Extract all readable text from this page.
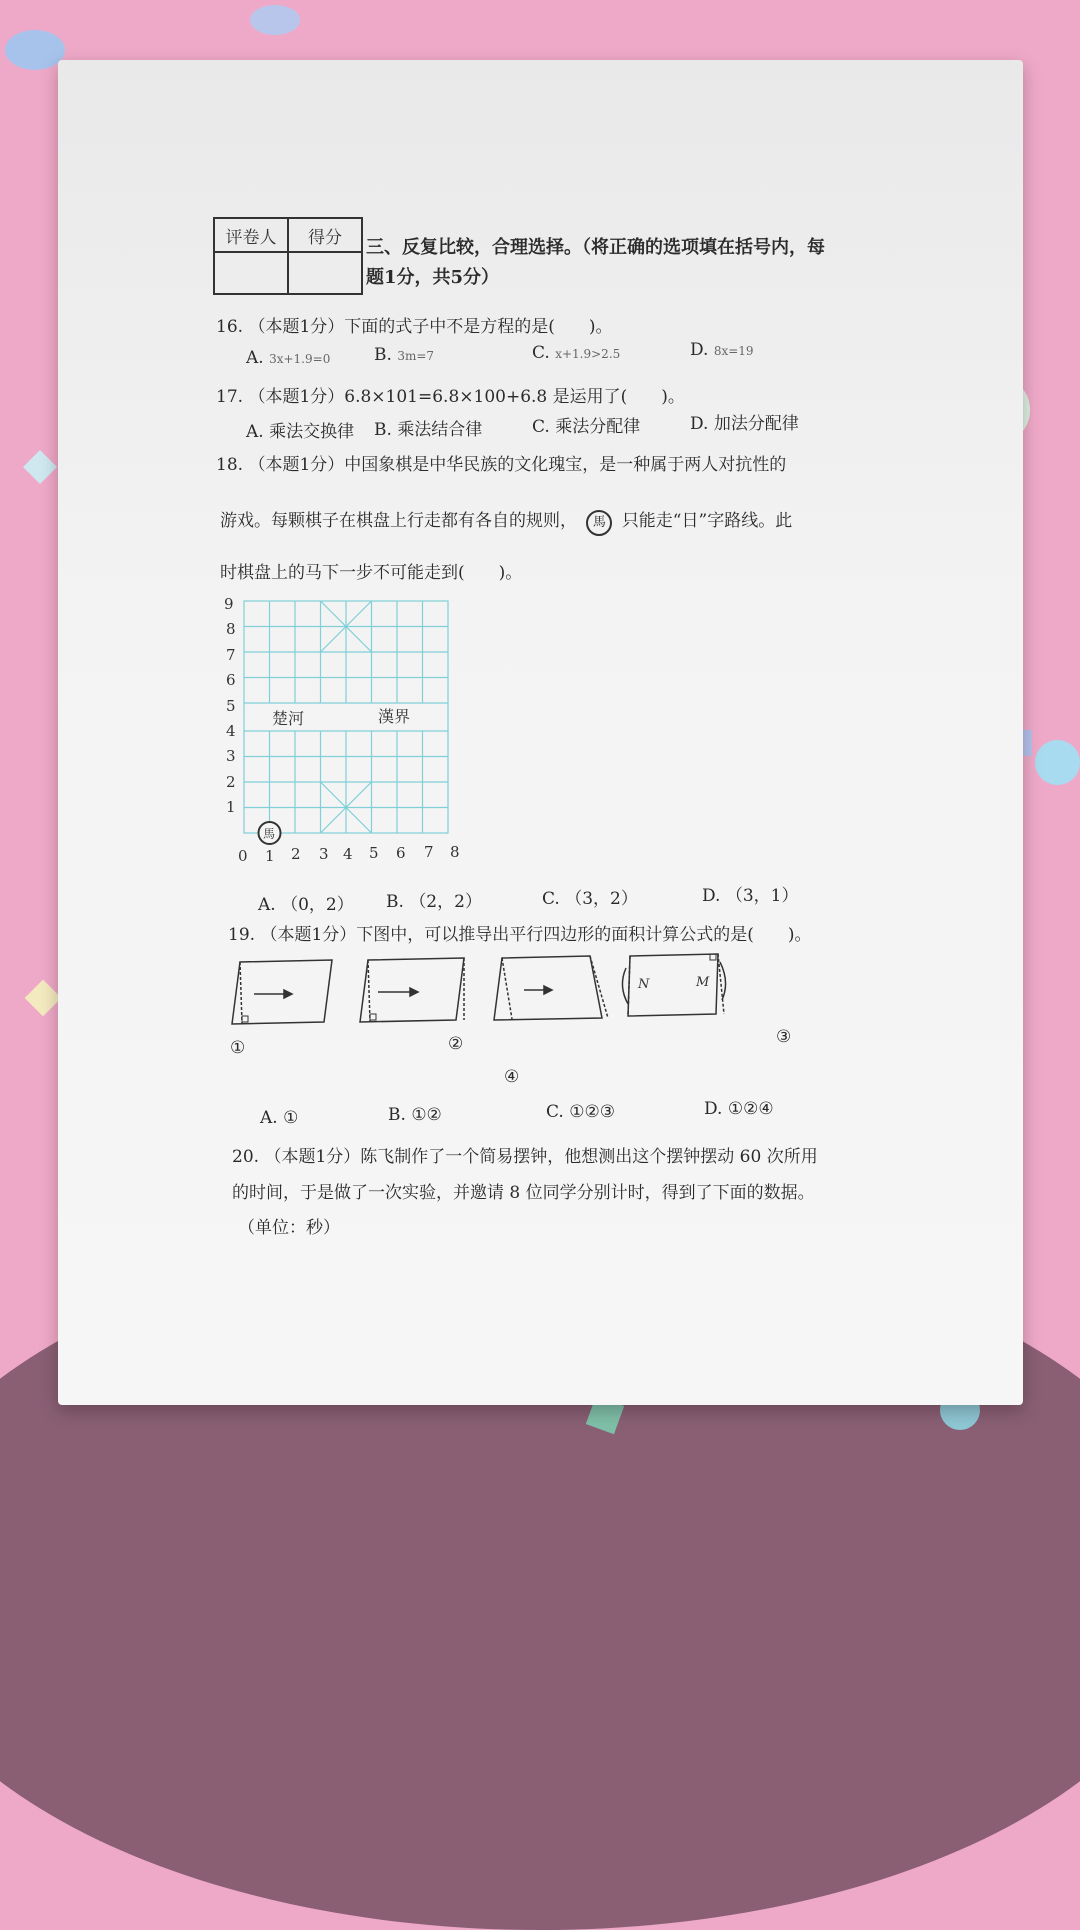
评卷人	得分
	三、反复比较，合理选择。（将正确的选项填在括号内，每
题1分，共5分）
16. （本题1分）下面的式子中不是方程的是(　　)。
A. 3x+1.9=0	B. 3m=7	C. x+1.9>2.5	D. 8x=19
17. （本题1分）6.8×101=6.8×100+6.8 是运用了(　　)。
A. 乘法交换律 B. 乘法结合律	C. 乘法分配律	D. 加法分配律
18. （本题1分）中国象棋是中华民族的文化瑰宝，是一种属于两人对抗性的
游戏。每颗棋子在棋盘上行走都有各自的规则， 馬 只能走“日”字路线。此
时棋盘上的马下一步不可能走到(　　)。
楚河	漢界
1
2
3
4
5
6
7
8
9
0 1 2 3 4 5 6 7 8
馬
A. （0，2） B. （2，2）	C. （3，2）	D. （3，1）
19. （本题1分）下图中，可以推导出平行四边形的面积计算公式的是(　　)。
N	M
①	②	③
④
A. ①	B. ①②	C. ①②③	D. ①②④
20. （本题1分）陈飞制作了一个简易摆钟，他想测出这个摆钟摆动 60 次所用
的时间，于是做了一次实验，并邀请 8 位同学分别计时，得到了下面的数据。
（单位：秒）
